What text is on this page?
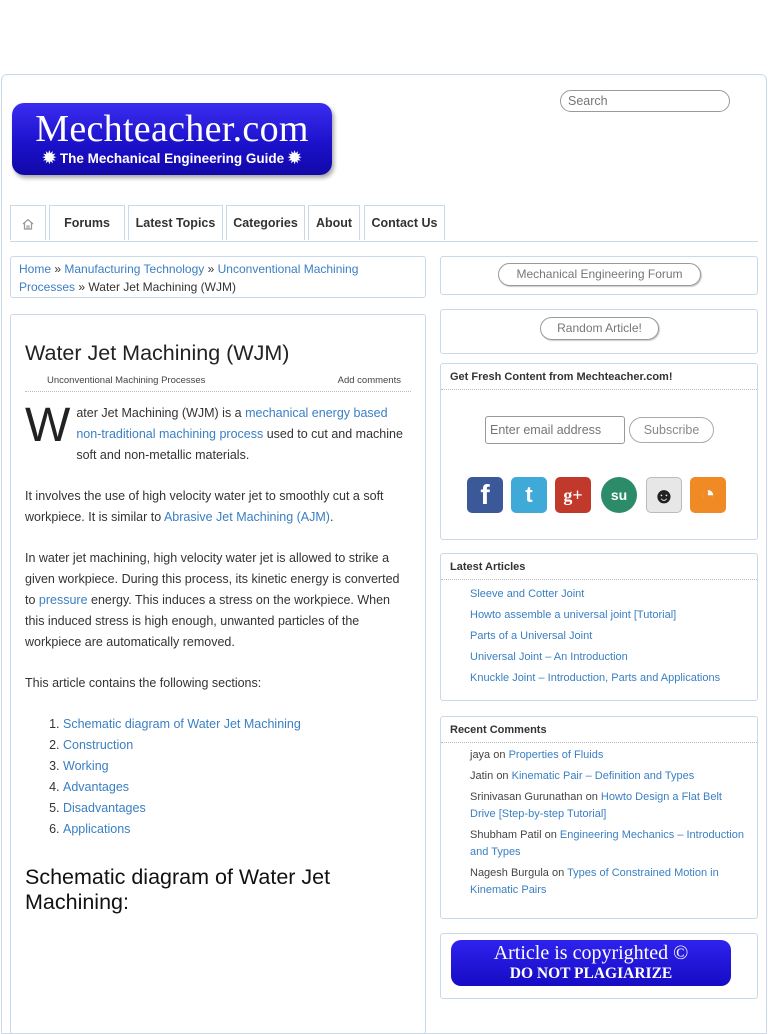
Mechteacher.com
✹ The Mechanical Engineering Guide ✹
Search
Forums	Latest Topics	Categories	About	Contact Us
Home » Manufacturing Technology » Unconventional Machining Processes » Water Jet Machining (WJM)
Water Jet Machining (WJM)
Unconventional Machining Processes	Add comments

Water Jet Machining (WJM) is a mechanical energy based non-traditional machining process used to cut and machine soft and non-metallic materials.

It involves the use of high velocity water jet to smoothly cut a soft workpiece. It is similar to Abrasive Jet Machining (AJM).

In water jet machining, high velocity water jet is allowed to strike a given workpiece. During this process, its kinetic energy is converted to pressure energy. This induces a stress on the workpiece. When this induced stress is high enough, unwanted particles of the workpiece are automatically removed.

This article contains the following sections:

1. Schematic diagram of Water Jet Machining
2. Construction
3. Working
4. Advantages
5. Disadvantages
6. Applications
Schematic diagram of Water Jet Machining:
Mechanical Engineering Forum
Random Article!
Get Fresh Content from Mechteacher.com!
Enter email address
Subscribe
f	t	g+	su	☻	◔
Latest Articles
Sleeve and Cotter Joint
Howto assemble a universal joint [Tutorial]
Parts of a Universal Joint
Universal Joint – An Introduction
Knuckle Joint – Introduction, Parts and Applications
Recent Comments
jaya on Properties of Fluids
Jatin on Kinematic Pair – Definition and Types
Srinivasan Gurunathan on Howto Design a Flat Belt Drive [Step-by-step Tutorial]
Shubham Patil on Engineering Mechanics – Introduction and Types
Nagesh Burgula on Types of Constrained Motion in Kinematic Pairs
Article is copyrighted ©
DO NOT PLAGIARIZE
